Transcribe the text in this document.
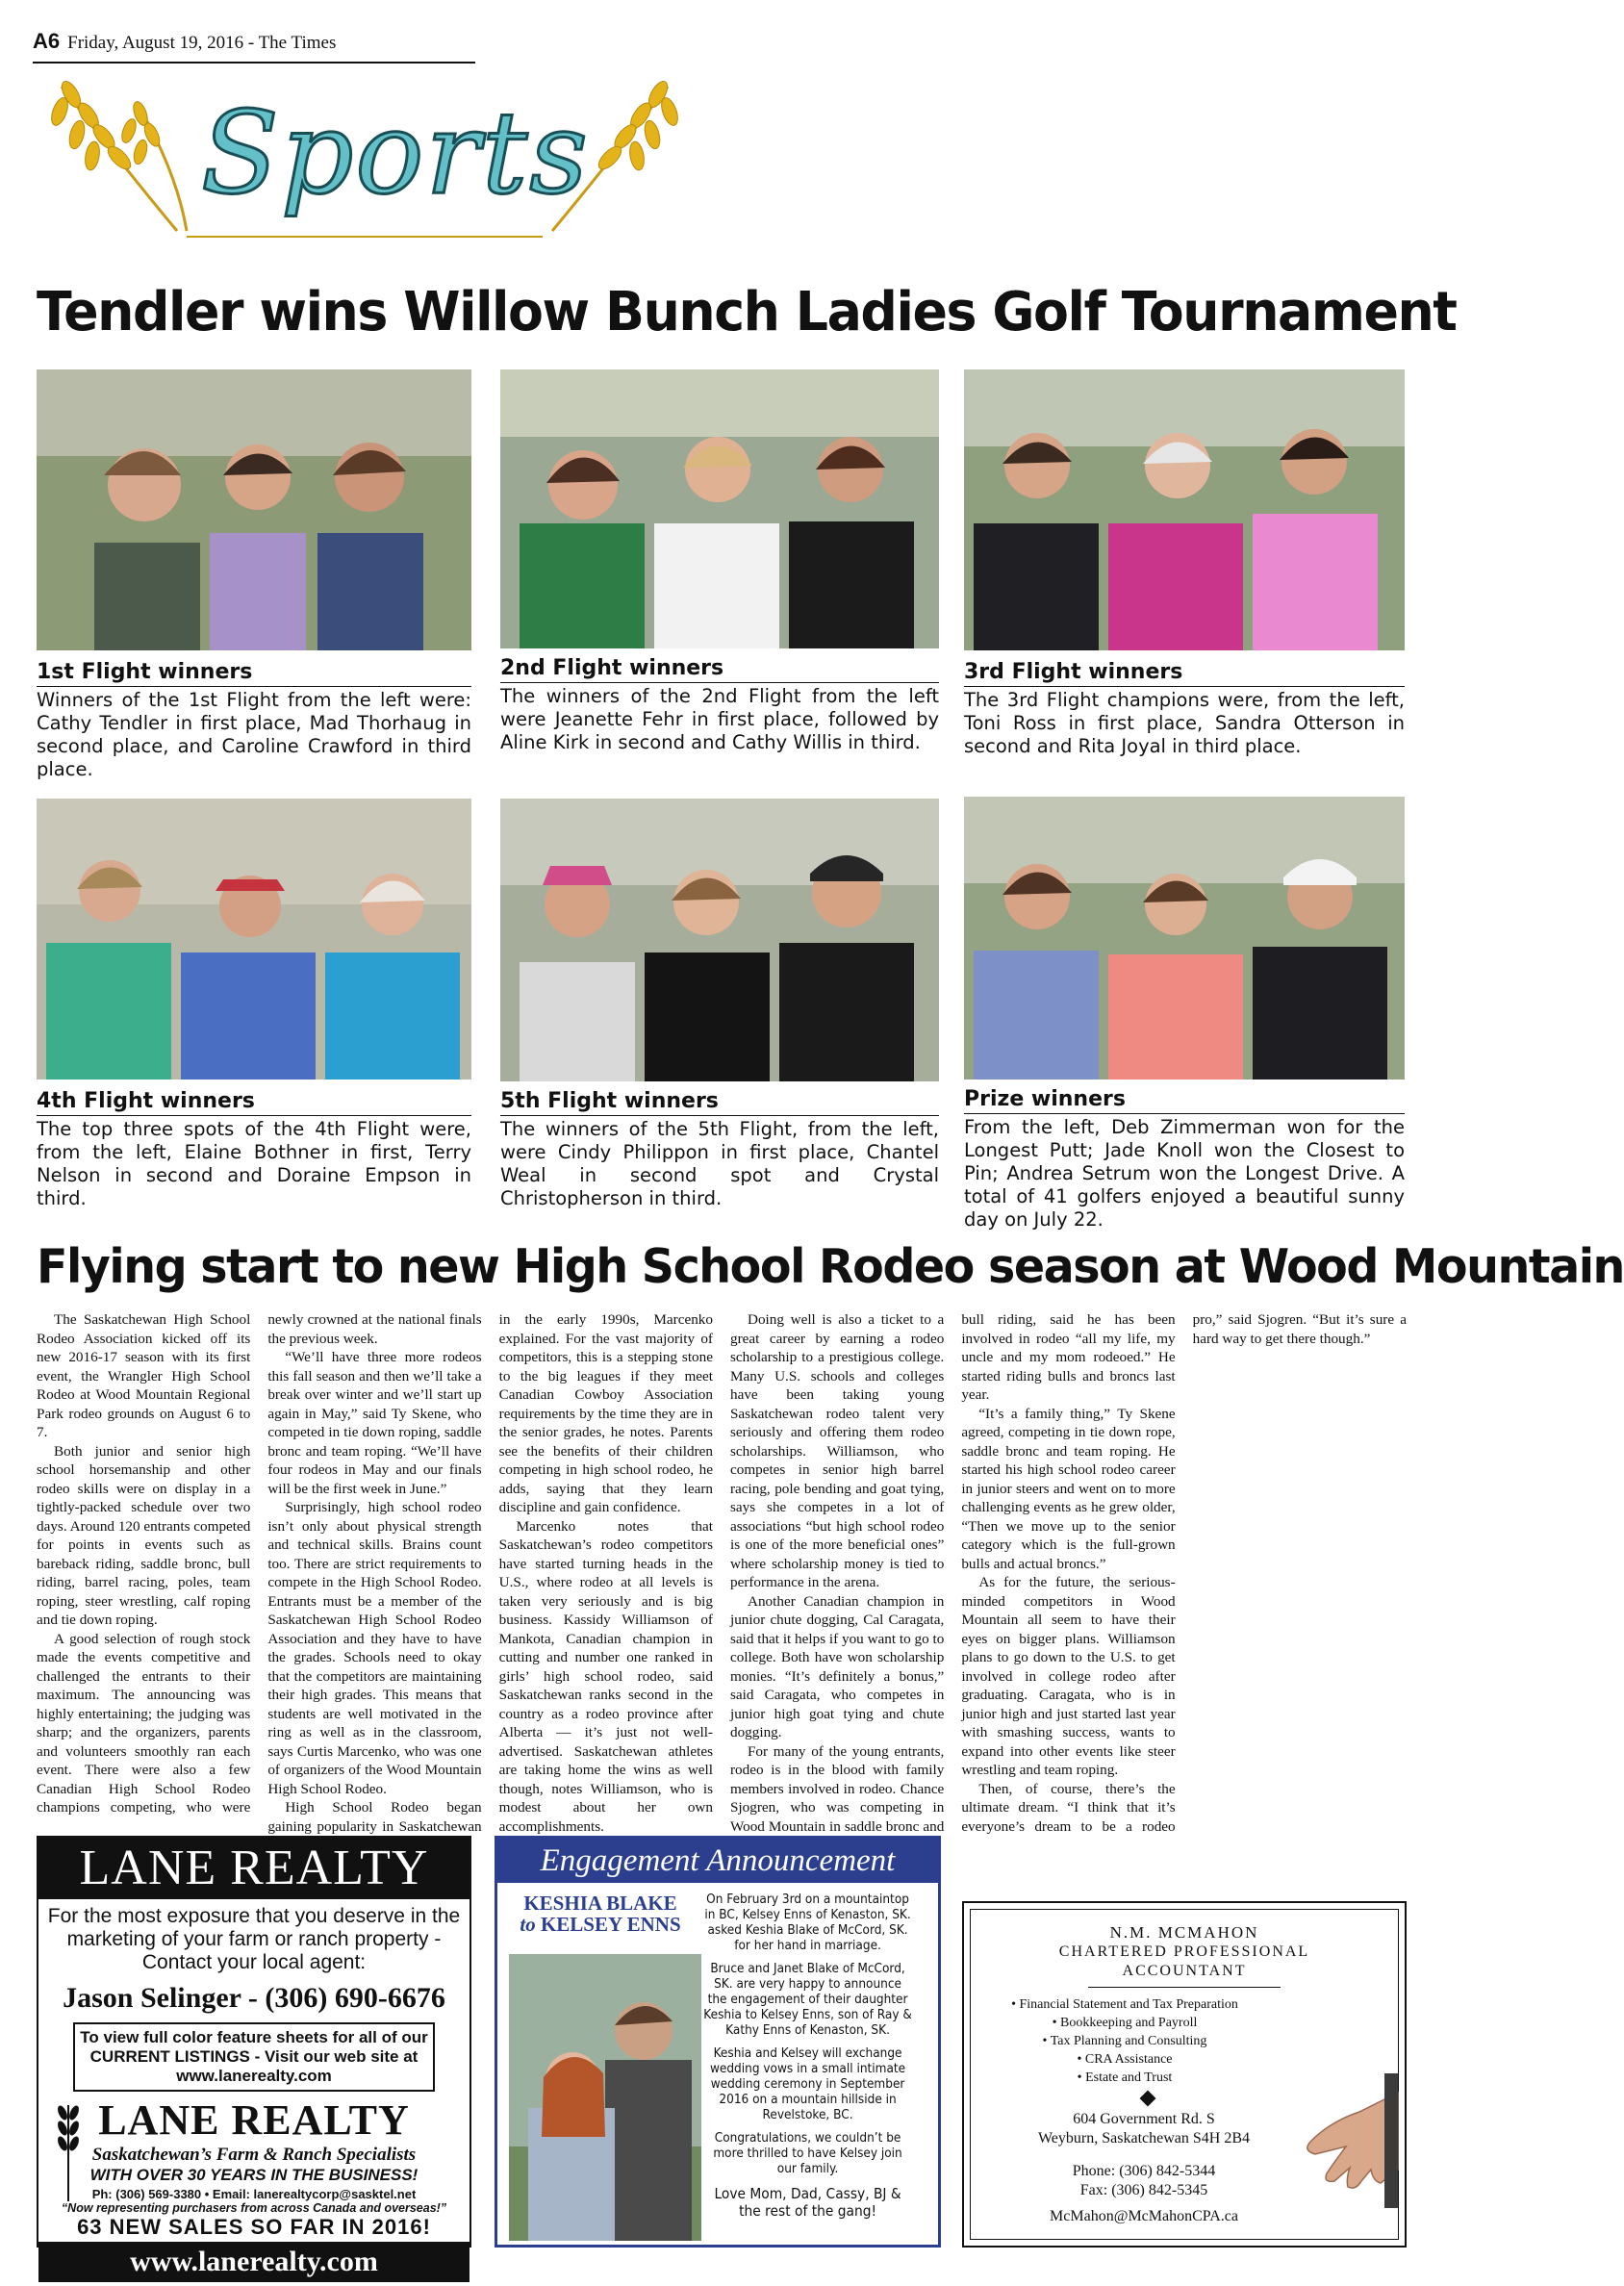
A6 Friday, August 19, 2016 - The Times
Sports
Tendler wins Willow Bunch Ladies Golf Tournament
1st Flight winners
Winners of the 1st Flight from the left were: Cathy Tendler in first place, Mad Thorhaug in second place, and Caroline Crawford in third place.
2nd Flight winners
The winners of the 2nd Flight from the left were Jeanette Fehr in first place, followed by Aline Kirk in second and Cathy Willis in third.
3rd Flight winners
The 3rd Flight champions were, from the left, Toni Ross in first place, Sandra Otterson in second and Rita Joyal in third place.
4th Flight winners
The top three spots of the 4th Flight were, from the left, Elaine Bothner in first, Terry Nelson in second and Doraine Empson in third.
5th Flight winners
The winners of the 5th Flight, from the left, were Cindy Philippon in first place, Chantel Weal in second spot and Crystal Christopherson in third.
Prize winners
From the left, Deb Zimmerman won for the Longest Putt; Jade Knoll won the Closest to Pin; Andrea Setrum won the Longest Drive. A total of 41 golfers enjoyed a beautiful sunny day on July 22.
Flying start to new High School Rodeo season at Wood Mountain

The Saskatchewan High School Rodeo Association kicked off its new 2016-17 season with its first event, the Wrangler High School Rodeo at Wood Mountain Regional Park rodeo grounds on August 6 to 7.

Both junior and senior high school horsemanship and other rodeo skills were on display in a tightly-packed schedule over two days. Around 120 entrants competed for points in events such as bareback riding, saddle bronc, bull riding, barrel racing, poles, team roping, steer wrestling, calf roping and tie down roping.

A good selection of rough stock made the events competitive and challenged the entrants to their maximum. The announcing was highly entertaining; the judging was sharp; and the organizers, parents and volunteers smoothly ran each event. There were also a few Canadian High School Rodeo champions competing, who were newly crowned at the national finals the previous week.

“We’ll have three more rodeos this fall season and then we’ll take a break over winter and we’ll start up again in May,” said Ty Skene, who competed in tie down roping, saddle bronc and team roping. “We’ll have four rodeos in May and our finals will be the first week in June.”

Surprisingly, high school rodeo isn’t only about physical strength and technical skills. Brains count too. There are strict requirements to compete in the High School Rodeo. Entrants must be a member of the Saskatchewan High School Rodeo Association and they have to have the grades. Schools need to okay that the competitors are maintaining their high grades. This means that students are well motivated in the ring as well as in the classroom, says Curtis Marcenko, who was one of organizers of the Wood Mountain High School Rodeo.

High School Rodeo began gaining popularity in Saskatchewan in the early 1990s, Marcenko explained. For the vast majority of competitors, this is a stepping stone to the big leagues if they meet Canadian Cowboy Association requirements by the time they are in the senior grades, he notes. Parents see the benefits of their children competing in high school rodeo, he adds, saying that they learn discipline and gain confidence.

Marcenko notes that Saskatchewan’s rodeo competitors have started turning heads in the U.S., where rodeo at all levels is taken very seriously and is big business. Kassidy Williamson of Mankota, Canadian champion in cutting and number one ranked in girls’ high school rodeo, said Saskatchewan ranks second in the country as a rodeo province after Alberta — it’s just not well-advertised. Saskatchewan athletes are taking home the wins as well though, notes Williamson, who is modest about her own accomplishments.

Doing well is also a ticket to a great career by earning a rodeo scholarship to a prestigious college. Many U.S. schools and colleges have been taking young Saskatchewan rodeo talent very seriously and offering them rodeo scholarships. Williamson, who competes in senior high barrel racing, pole bending and goat tying, says she competes in a lot of associations “but high school rodeo is one of the more beneficial ones” where scholarship money is tied to performance in the arena.

Another Canadian champion in junior chute dogging, Cal Caragata, said that it helps if you want to go to college. Both have won scholarship monies. “It’s definitely a bonus,” said Caragata, who competes in junior high goat tying and chute dogging.

For many of the young entrants, rodeo is in the blood with family members involved in rodeo. Chance Sjogren, who was competing in Wood Mountain in saddle bronc and bull riding, said he has been involved in rodeo “all my life, my uncle and my mom rodeoed.” He started riding bulls and broncs last year.

“It’s a family thing,” Ty Skene agreed, competing in tie down rope, saddle bronc and team roping. He started his high school rodeo career in junior steers and went on to more challenging events as he grew older, “Then we move up to the senior category which is the full-grown bulls and actual broncs.”

As for the future, the serious-minded competitors in Wood Mountain all seem to have their eyes on bigger plans. Williamson plans to go down to the U.S. to get involved in college rodeo after graduating. Caragata, who is in junior high and just started last year with smashing success, wants to expand into other events like steer wrestling and team roping.

Then, of course, there’s the ultimate dream. “I think that it’s everyone’s dream to be a rodeo pro,” said Sjogren. “But it’s sure a hard way to get there though.”

LANE REALTY
For the most exposure that you deserve in the marketing of your farm or ranch property - Contact your local agent:
Jason Selinger - (306) 690-6676
To view full color feature sheets for all of our CURRENT LISTINGS - Visit our web site at www.lanerealty.com
LANE REALTY
Saskatchewan’s Farm & Ranch Specialists
WITH OVER 30 YEARS IN THE BUSINESS!
Ph: (306) 569-3380 • Email: lanerealtycorp@sasktel.net
“Now representing purchasers from across Canada and overseas!”
63 NEW SALES SO FAR IN 2016!
www.lanerealty.com
Engagement Announcement
KESHIA BLAKE
to KELSEY ENNS

On February 3rd on a mountaintop in BC, Kelsey Enns of Kenaston, SK. asked Keshia Blake of McCord, SK. for her hand in marriage.

Bruce and Janet Blake of McCord, SK. are very happy to announce the engagement of their daughter Keshia to Kelsey Enns, son of Ray & Kathy Enns of Kenaston, SK.

Keshia and Kelsey will exchange wedding vows in a small intimate wedding ceremony in September 2016 on a mountain hillside in Revelstoke, BC.

Congratulations, we couldn’t be more thrilled to have Kelsey join our family.

Love Mom, Dad, Cassy, BJ & the rest of the gang!

N.M. MCMAHON
CHARTERED PROFESSIONAL
ACCOUNTANT
• Financial Statement and Tax Preparation
• Bookkeeping and Payroll
• Tax Planning and Consulting
• CRA Assistance
• Estate and Trust
604 Government Rd. S
Weyburn, Saskatchewan S4H 2B4
Phone: (306) 842-5344
Fax: (306) 842-5345
McMahon@McMahonCPA.ca
